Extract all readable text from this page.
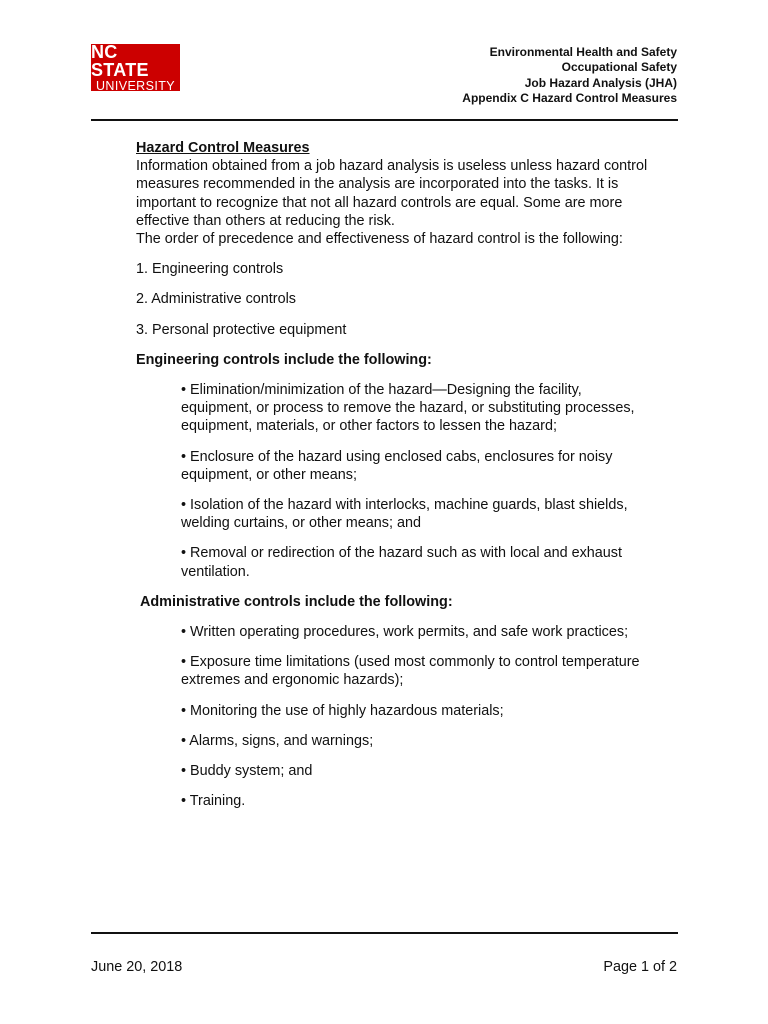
NC STATE
UNIVERSITY
Environmental Health and Safety
Occupational Safety
Job Hazard Analysis (JHA)
Appendix C Hazard Control Measures
Hazard Control Measures
Information obtained from a job hazard analysis is useless unless hazard control
measures recommended in the analysis are incorporated into the tasks. It is
important to recognize that not all hazard controls are equal. Some are more
effective than others at reducing the risk.
The order of precedence and effectiveness of hazard control is the following:
1. Engineering controls
2. Administrative controls
3. Personal protective equipment
Engineering controls include the following:
• Elimination/minimization of the hazard—Designing the facility,
equipment, or process to remove the hazard, or substituting processes,
equipment, materials, or other factors to lessen the hazard;
• Enclosure of the hazard using enclosed cabs, enclosures for noisy
equipment, or other means;
• Isolation of the hazard with interlocks, machine guards, blast shields,
welding curtains, or other means; and
• Removal or redirection of the hazard such as with local and exhaust
ventilation.
Administrative controls include the following:
• Written operating procedures, work permits, and safe work practices;
• Exposure time limitations (used most commonly to control temperature
extremes and ergonomic hazards);
• Monitoring the use of highly hazardous materials;
• Alarms, signs, and warnings;
• Buddy system; and
• Training.
June 20, 2018	Page 1 of 2
